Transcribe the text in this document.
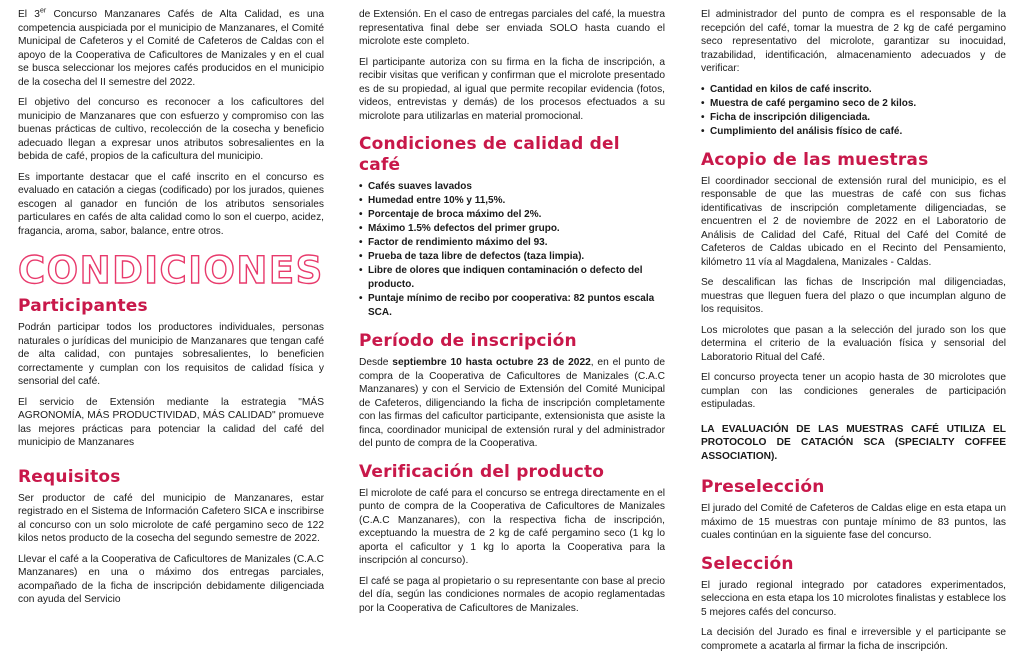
El 3er Concurso Manzanares Cafés de Alta Calidad, es una competencia auspiciada por el municipio de Manzanares, el Comité Municipal de Cafeteros y el Comité de Cafeteros de Caldas con el apoyo de la Cooperativa de Caficultores de Manizales y en el cual se busca seleccionar los mejores cafés producidos en el municipio de la cosecha del II semestre del 2022.

El objetivo del concurso es reconocer a los caficultores del municipio de Manzanares que con esfuerzo y compromiso con las buenas prácticas de cultivo, recolección de la cosecha y beneficio adecuado llegan a expresar unos atributos sobresalientes en la bebida de café, propios de la caficultura del municipio.

Es importante destacar que el café inscrito en el concurso es evaluado en catación a ciegas (codificado) por los jurados, quienes escogen al ganador en función de los atributos sensoriales particulares en cafés de alta calidad como lo son el cuerpo, acidez, fragancia, aroma, sabor, balance, entre otros.

CONDICIONES
Participantes

Podrán participar todos los productores individuales, personas naturales o jurídicas del municipio de Manzanares que tengan café de alta calidad, con puntajes sobresalientes, lo beneficien correctamente y cumplan con los requisitos de calidad física y sensorial del café.

El servicio de Extensión mediante la estrategia "MÁS AGRONOMÍA, MÁS PRODUCTIVIDAD, MÁS CALIDAD" promueve las mejores prácticas para potenciar la calidad del café del municipio de Manzanares

Requisitos

Ser productor de café del municipio de Manzanares, estar registrado en el Sistema de Información Cafetero SICA e inscribirse al concurso con un solo microlote de café pergamino seco de 122 kilos netos producto de la cosecha del segundo semestre de 2022.

Llevar el café a la Cooperativa de Caficultores de Manizales (C.A.C Manzanares) en una o máximo dos entregas parciales, acompañado de la ficha de inscripción debidamente diligenciada con ayuda del Servicio

de Extensión. En el caso de entregas parciales del café, la muestra representativa final debe ser enviada SOLO hasta cuando el microlote este completo.

El participante autoriza con su firma en la ficha de inscripción, a recibir visitas que verifican y confirman que el microlote presentado es de su propiedad, al igual que permite recopilar evidencia (fotos, videos, entrevistas y demás) de los procesos efectuados a su microlote para utilizarlas en material promocional.

Condiciones de calidad del café
• Cafés suaves lavados
• Humedad entre 10% y 11,5%.
• Porcentaje de broca máximo del 2%.
• Máximo 1.5% defectos del primer grupo.
• Factor de rendimiento máximo del 93.
• Prueba de taza libre de defectos (taza limpia).
• Libre de olores que indiquen contaminación o defecto del producto.
• Puntaje mínimo de recibo por cooperativa: 82 puntos escala SCA.
Período de inscripción

Desde septiembre 10 hasta octubre 23 de 2022, en el punto de compra de la Cooperativa de Caficultores de Manizales (C.A.C Manzanares) y con el Servicio de Extensión del Comité Municipal de Cafeteros, diligenciando la ficha de inscripción completamente con las firmas del caficultor participante, extensionista que asiste la finca, coordinador municipal de extensión rural y del administrador del punto de compra de la Cooperativa.

Verificación del producto

El microlote de café para el concurso se entrega directamente en el punto de compra de la Cooperativa de Caficultores de Manizales (C.A.C Manzanares), con la respectiva ficha de inscripción, exceptuando la muestra de 2 kg de café pergamino seco (1 kg lo aporta el caficultor y 1 kg lo aporta la Cooperativa para la inscripción al concurso).

El café se paga al propietario o su representante con base al precio del día, según las condiciones normales de acopio reglamentadas por la Cooperativa de Caficultores de Manizales.

El administrador del punto de compra es el responsable de la recepción del café, tomar la muestra de 2 kg de café pergamino seco representativo del microlote, garantizar su inocuidad, trazabilidad, identificación, almacenamiento adecuados y de verificar:

• Cantidad en kilos de café inscrito.
• Muestra de café pergamino seco de 2 kilos.
• Ficha de inscripción diligenciada.
• Cumplimiento del análisis físico de café.
Acopio de las muestras

El coordinador seccional de extensión rural del municipio, es el responsable de que las muestras de café con sus fichas identificativas de inscripción completamente diligenciadas, se encuentren el 2 de noviembre de 2022 en el Laboratorio de Análisis de Calidad del Café, Ritual del Café del Comité de Cafeteros de Caldas ubicado en el Recinto del Pensamiento, kilómetro 11 vía al Magdalena, Manizales - Caldas.

Se descalifican las fichas de Inscripción mal diligenciadas, muestras que lleguen fuera del plazo o que incumplan alguno de los requisitos.

Los microlotes que pasan a la selección del jurado son los que determina el criterio de la evaluación física y sensorial del Laboratorio Ritual del Café.

El concurso proyecta tener un acopio hasta de 30 microlotes que cumplan con las condiciones generales de participación estipuladas.

LA EVALUACIÓN DE LAS MUESTRAS CAFÉ UTILIZA EL PROTOCOLO DE CATACIÓN SCA (SPECIALTY COFFEE ASSOCIATION).

Preselección

El jurado del Comité de Cafeteros de Caldas elige en esta etapa un máximo de 15 muestras con puntaje mínimo de 83 puntos, las cuales continúan en la siguiente fase del concurso.

Selección

El jurado regional integrado por catadores experimentados, selecciona en esta etapa los 10 microlotes finalistas y establece los 5 mejores cafés del concurso.

La decisión del Jurado es final e irreversible y el participante se compromete a acatarla al firmar la ficha de inscripción.
